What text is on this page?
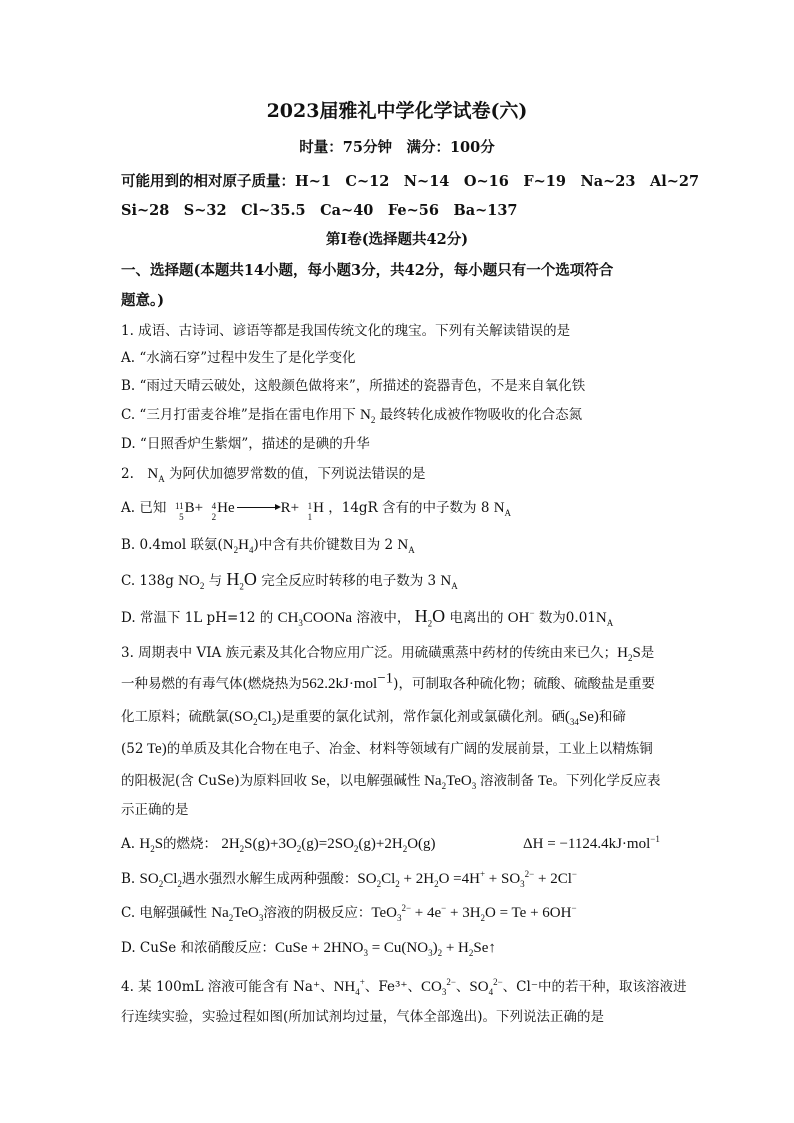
2023届雅礼中学化学试卷(六)
时量：75分钟　满分：100分
可能用到的相对原子质量：H~1　C~12　N~14　O~16　F~19　Na~23　Al~27
Si~28　S~32　Cl~35.5　Ca~40　Fe~56　Ba~137
第Ⅰ卷(选择题共42分)
一、选择题(本题共14小题，每小题3分，共42分，每小题只有一个选项符合
题意。)
1. 成语、古诗词、谚语等都是我国传统文化的瑰宝。下列有关解读错误的是
A. “水滴石穿”过程中发生了是化学变化
B. “雨过天晴云破处，这般颜色做将来”，所描述的瓷器青色，不是来自氧化铁
C. “三月打雷麦谷堆”是指在雷电作用下 $N_2$ 最终转化成被作物吸收的化合态氮
D. “日照香炉生紫烟”，描述的是碘的升华
2.　$N_A$ 为阿伏加德罗常数的值，下列说法错误的是
A. 已知 11
5
B+ 4
2
He	R+ 1
1
H ，14gR 含有的中子数为 8 $N_A$
B. 0.4mol 联氨$(N_2H_4)$中含有共价键数目为 2 $N_A$
C. 138g $NO_2$ 与 $H_2O$ 完全反应时转移的电子数为 3 $N_A$
D. 常温下 1L pH=12 的 $CH_3COONa$ 溶液中， $H_2O$ 电离出的 OH− 数为$0.01N_A$
3. 周期表中 VIA 族元素及其化合物应用广泛。用硫磺熏蒸中药材的传统由来已久；$H_2S$是
一种易燃的有毒气体(燃烧热为562.2kJ·mol$^{-1}$)，可制取各种硫化物；硫酸、硫酸盐是重要
化工原料；硫酰氯$(SO_2Cl_2)$是重要的氯化试剂，常作氯化剂或氯磺化剂。硒$(_{34}Se)$和碲
(52 Te)的单质及其化合物在电子、冶金、材料等领域有广阔的发展前景，工业上以精炼铜
的阳极泥(含 CuSe)为原料回收 Se，以电解强碱性 $Na_2TeO_3$ 溶液制备 Te。下列化学反应表
示正确的是
A. $H_2S$的燃烧： $2H_2S(g)+3O_2(g)=2SO_2(g)+2H_2O(g)$	ΔH = −1124.4kJ·mol$^{-1}$
B. $SO_2Cl_2$遇水强烈水解生成两种强酸：$SO_2Cl_2 + 2H_2O =4H^+ + SO_3^{2-} + 2Cl^-$
C. 电解强碱性 $Na_2TeO_3$溶液的阴极反应：$TeO_3^{2-} + 4e^- + 3H_2O = Te + 6OH^-$
D. CuSe 和浓硝酸反应：CuSe + $2HNO_3 = Cu(NO_3)_2$ + $H_2Se↑$
4. 某 100mL 溶液可能含有 Na⁺、$NH_4^+$、Fe³⁺、$CO_3^{2-}$、$SO_4^{2-}$、Cl⁻中的若干种，取该溶液进
行连续实验，实验过程如图(所加试剂均过量，气体全部逸出)。下列说法正确的是
